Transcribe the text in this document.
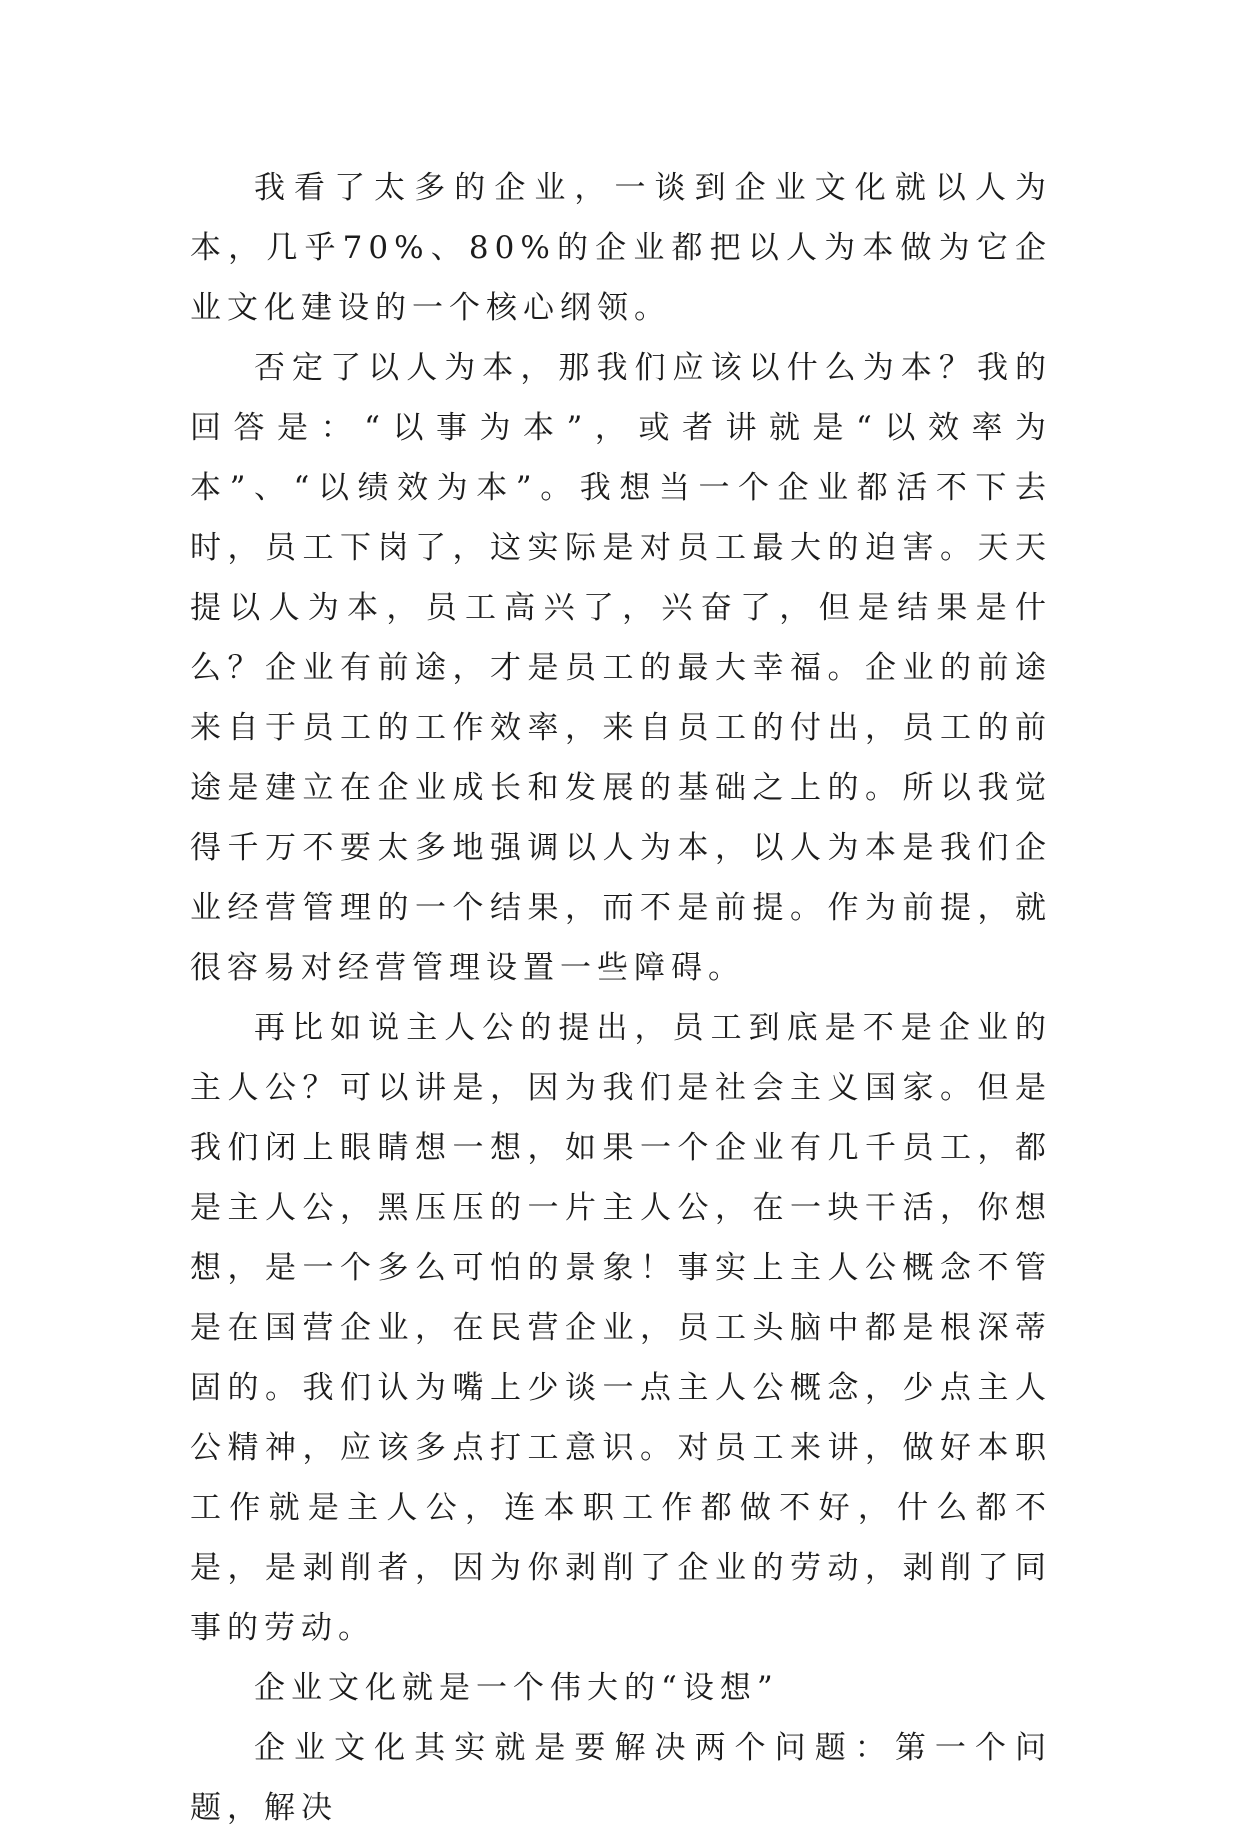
我看了太多的企业，一谈到企业文化就以人为本，几乎70%、80%的企业都把以人为本做为它企业文化建设的一个核心纲领。

否定了以人为本，那我们应该以什么为本？我的回答是：“以事为本”，或者讲就是“以效率为本”、“以绩效为本”。我想当一个企业都活不下去时，员工下岗了，这实际是对员工最大的迫害。天天提以人为本，员工高兴了，兴奋了，但是结果是什么？企业有前途，才是员工的最大幸福。企业的前途来自于员工的工作效率，来自员工的付出，员工的前途是建立在企业成长和发展的基础之上的。所以我觉得千万不要太多地强调以人为本，以人为本是我们企业经营管理的一个结果，而不是前提。作为前提，就很容易对经营管理设置一些障碍。

再比如说主人公的提出，员工到底是不是企业的主人公？可以讲是，因为我们是社会主义国家。但是我们闭上眼睛想一想，如果一个企业有几千员工，都是主人公，黑压压的一片主人公，在一块干活，你想想，是一个多么可怕的景象！事实上主人公概念不管是在国营企业，在民营企业，员工头脑中都是根深蒂固的。我们认为嘴上少谈一点主人公概念，少点主人公精神，应该多点打工意识。对员工来讲，做好本职工作就是主人公，连本职工作都做不好，什么都不是，是剥削者，因为你剥削了企业的劳动，剥削了同事的劳动。

企业文化就是一个伟大的“设想”

企业文化其实就是要解决两个问题：第一个问题，解决
